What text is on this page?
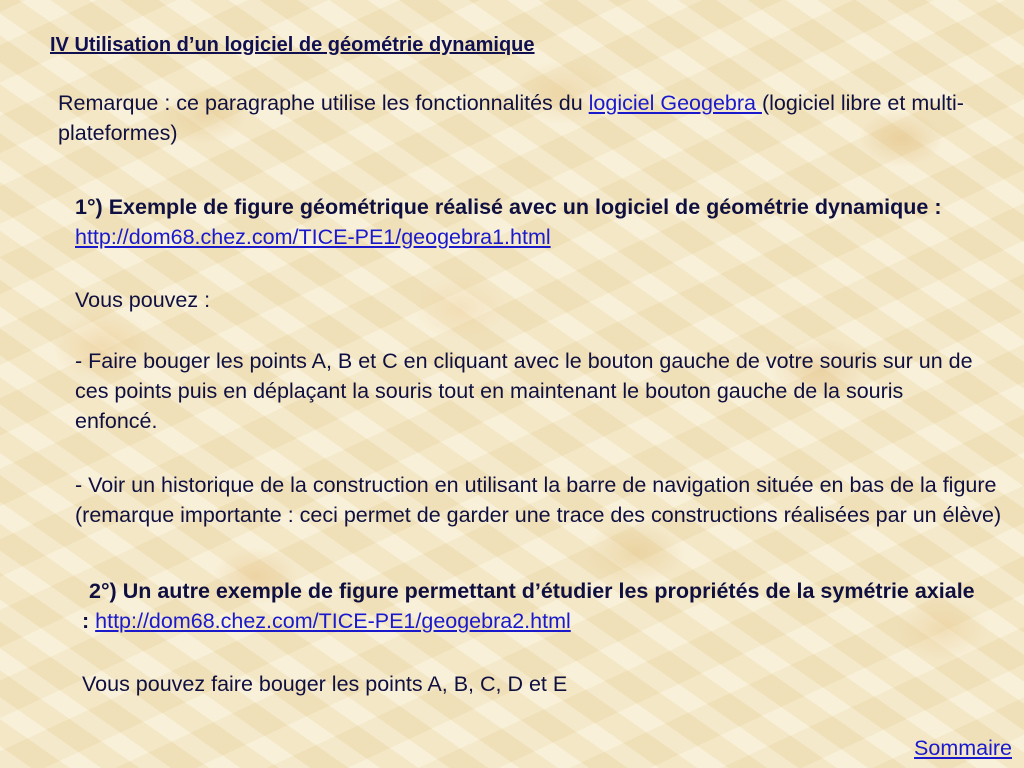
IV Utilisation d’un logiciel de géométrie dynamique
Remarque : ce paragraphe utilise les fonctionnalités du logiciel Geogebra (logiciel libre et multi-plateformes)
1°) Exemple de figure géométrique réalisé avec un logiciel de géométrie dynamique : http://dom68.chez.com/TICE-PE1/geogebra1.html
Vous pouvez :
- Faire bouger les points A, B et C en cliquant avec le bouton gauche de votre souris sur un de ces points puis en déplaçant la souris tout en maintenant le bouton gauche de la souris enfoncé.
- Voir un historique de la construction en utilisant la barre de navigation située en bas de la figure (remarque importante : ceci permet de garder une trace des constructions réalisées par un élève)
2°) Un autre exemple de figure permettant d’étudier les propriétés de la symétrie axiale : http://dom68.chez.com/TICE-PE1/geogebra2.html
Vous pouvez faire bouger les points A, B, C, D et E
Sommaire
